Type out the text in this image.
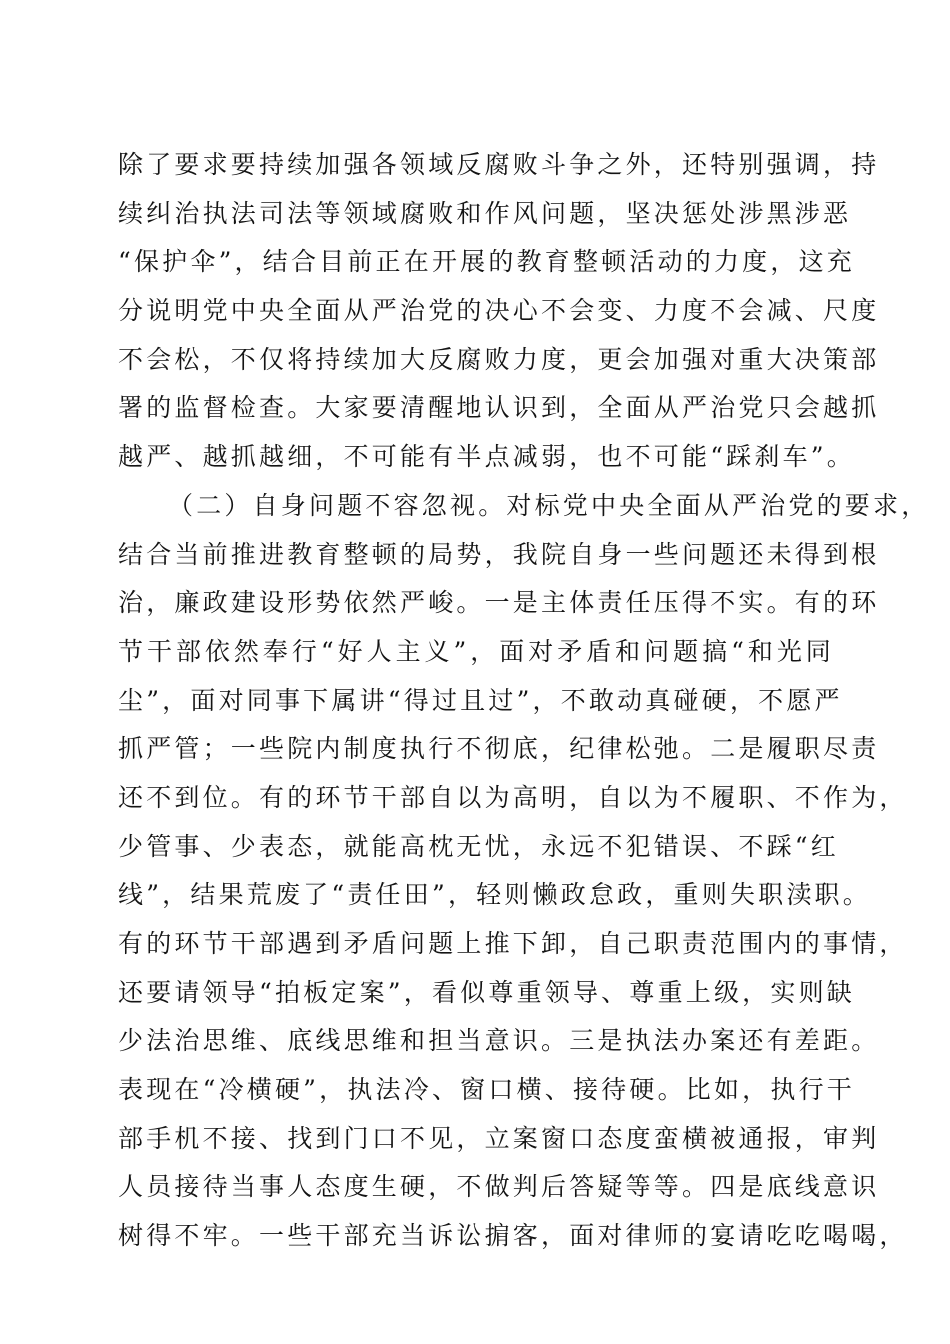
除了要求要持续加强各领域反腐败斗争之外，还特别强调，持
续纠治执法司法等领域腐败和作风问题，坚决惩处涉黑涉恶
“保护伞”，结合目前正在开展的教育整顿活动的力度，这充
分说明党中央全面从严治党的决心不会变、力度不会减、尺度
不会松，不仅将持续加大反腐败力度，更会加强对重大决策部
署的监督检查。大家要清醒地认识到，全面从严治党只会越抓
越严、越抓越细，不可能有半点减弱，也不可能“踩刹车”。
（二）自身问题不容忽视。对标党中央全面从严治党的要求，
结合当前推进教育整顿的局势，我院自身一些问题还未得到根
治，廉政建设形势依然严峻。一是主体责任压得不实。有的环
节干部依然奉行“好人主义”，面对矛盾和问题搞“和光同
尘”，面对同事下属讲“得过且过”，不敢动真碰硬，不愿严
抓严管；一些院内制度执行不彻底，纪律松弛。二是履职尽责
还不到位。有的环节干部自以为高明，自以为不履职、不作为，
少管事、少表态，就能高枕无忧，永远不犯错误、不踩“红
线”，结果荒废了“责任田”，轻则懒政怠政，重则失职渎职。
有的环节干部遇到矛盾问题上推下卸，自己职责范围内的事情，
还要请领导“拍板定案”，看似尊重领导、尊重上级，实则缺
少法治思维、底线思维和担当意识。三是执法办案还有差距。
表现在“冷横硬”，执法冷、窗口横、接待硬。比如，执行干
部手机不接、找到门口不见，立案窗口态度蛮横被通报，审判
人员接待当事人态度生硬，不做判后答疑等等。四是底线意识
树得不牢。一些干部充当诉讼掮客，面对律师的宴请吃吃喝喝，
